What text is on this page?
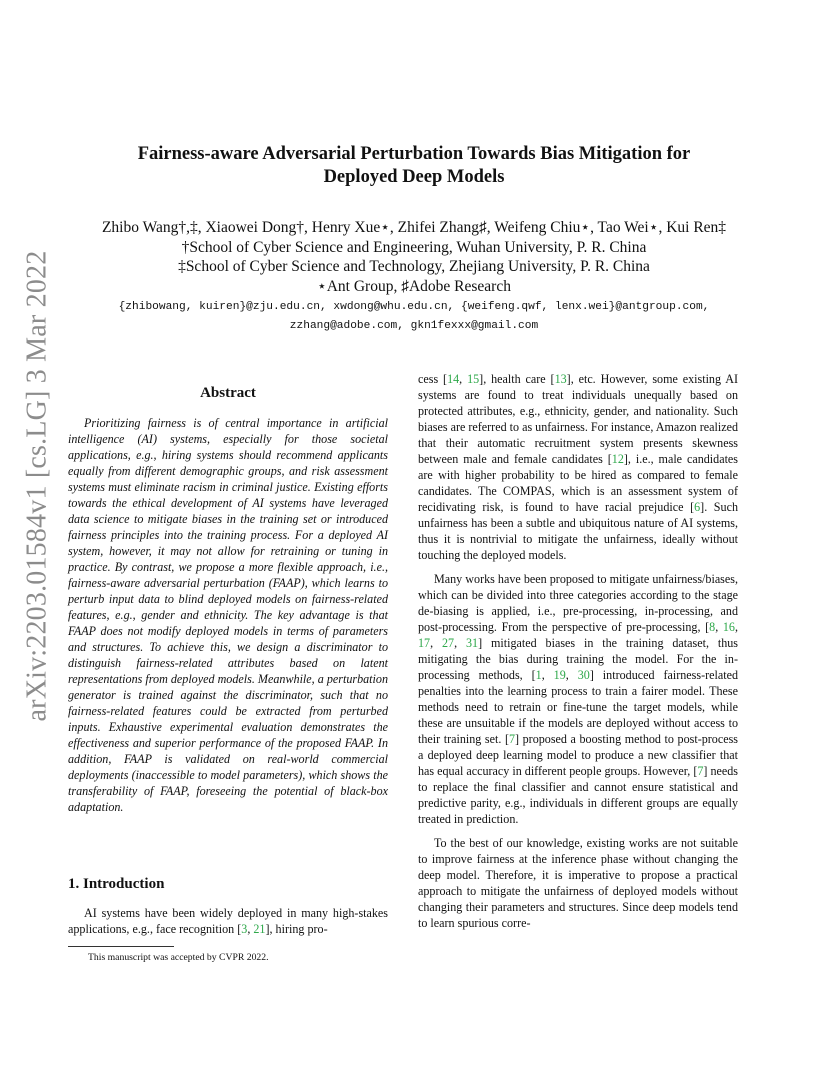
arXiv:2203.01584v1 [cs.LG] 3 Mar 2022
Fairness-aware Adversarial Perturbation Towards Bias Mitigation for
Deployed Deep Models
Zhibo Wang†,‡, Xiaowei Dong†, Henry Xue⋆, Zhifei Zhang♯, Weifeng Chiu⋆, Tao Wei⋆, Kui Ren‡
†School of Cyber Science and Engineering, Wuhan University, P. R. China
‡School of Cyber Science and Technology, Zhejiang University, P. R. China
⋆Ant Group, ♯Adobe Research
{zhibowang, kuiren}@zju.edu.cn, xwdong@whu.edu.cn, {weifeng.qwf, lenx.wei}@antgroup.com,
zzhang@adobe.com, gkn1fexxx@gmail.com
Abstract

Prioritizing fairness is of central importance in artificial intelligence (AI) systems, especially for those societal applications, e.g., hiring systems should recommend applicants equally from different demographic groups, and risk assessment systems must eliminate racism in criminal justice. Existing efforts towards the ethical development of AI systems have leveraged data science to mitigate biases in the training set or introduced fairness principles into the training process. For a deployed AI system, however, it may not allow for retraining or tuning in practice. By contrast, we propose a more flexible approach, i.e., fairness-aware adversarial perturbation (FAAP), which learns to perturb input data to blind deployed models on fairness-related features, e.g., gender and ethnicity. The key advantage is that FAAP does not modify deployed models in terms of parameters and structures. To achieve this, we design a discriminator to distinguish fairness-related attributes based on latent representations from deployed models. Meanwhile, a perturbation generator is trained against the discriminator, such that no fairness-related features could be extracted from perturbed inputs. Exhaustive experimental evaluation demonstrates the effectiveness and superior performance of the proposed FAAP. In addition, FAAP is validated on real-world commercial deployments (inaccessible to model parameters), which shows the transferability of FAAP, foreseeing the potential of black-box adaptation.

1. Introduction

AI systems have been widely deployed in many high-stakes applications, e.g., face recognition [3, 21], hiring pro-

This manuscript was accepted by CVPR 2022.

cess [14, 15], health care [13], etc. However, some existing AI systems are found to treat individuals unequally based on protected attributes, e.g., ethnicity, gender, and nationality. Such biases are referred to as unfairness. For instance, Amazon realized that their automatic recruitment system presents skewness between male and female candidates [12], i.e., male candidates are with higher probability to be hired as compared to female candidates. The COMPAS, which is an assessment system of recidivating risk, is found to have racial prejudice [6]. Such unfairness has been a subtle and ubiquitous nature of AI systems, thus it is nontrivial to mitigate the unfairness, ideally without touching the deployed models.

Many works have been proposed to mitigate unfairness/biases, which can be divided into three categories according to the stage de-biasing is applied, i.e., pre-processing, in-processing, and post-processing. From the perspective of pre-processing, [8, 16, 17, 27, 31] mitigated biases in the training dataset, thus mitigating the bias during training the model. For the in-processing methods, [1, 19, 30] introduced fairness-related penalties into the learning process to train a fairer model. These methods need to retrain or fine-tune the target models, while these are unsuitable if the models are deployed without access to their training set. [7] proposed a boosting method to post-process a deployed deep learning model to produce a new classifier that has equal accuracy in different people groups. However, [7] needs to replace the final classifier and cannot ensure statistical and predictive parity, e.g., individuals in different groups are equally treated in prediction.

To the best of our knowledge, existing works are not suitable to improve fairness at the inference phase without changing the deep model. Therefore, it is imperative to propose a practical approach to mitigate the unfairness of deployed models without changing their parameters and structures. Since deep models tend to learn spurious corre-
